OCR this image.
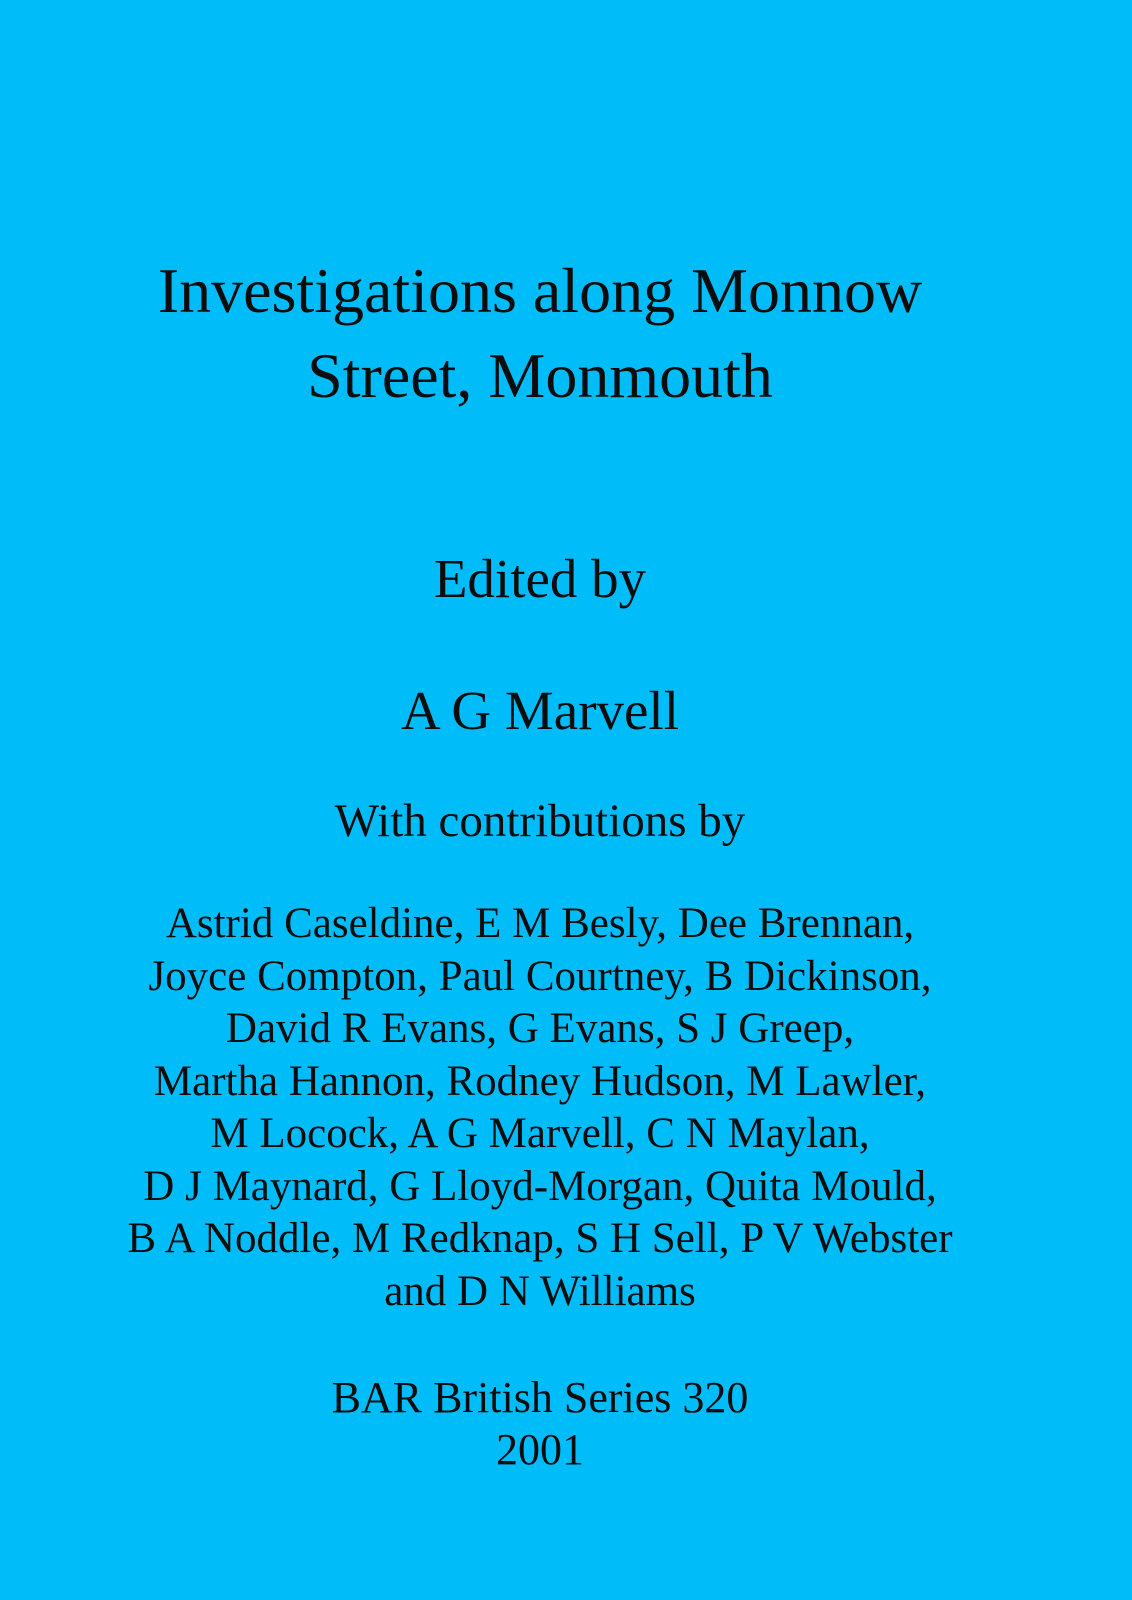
Investigations along Monnow
Street, Monmouth
Edited by
A G Marvell
With contributions by
Astrid Caseldine, E M Besly, Dee Brennan,
Joyce Compton, Paul Courtney, B Dickinson,
David R Evans, G Evans, S J Greep,
Martha Hannon, Rodney Hudson, M Lawler,
M Locock, A G Marvell, C N Maylan,
D J Maynard, G Lloyd-Morgan, Quita Mould,
B A Noddle, M Redknap, S H Sell, P V Webster
and D N Williams
BAR British Series 320
2001
